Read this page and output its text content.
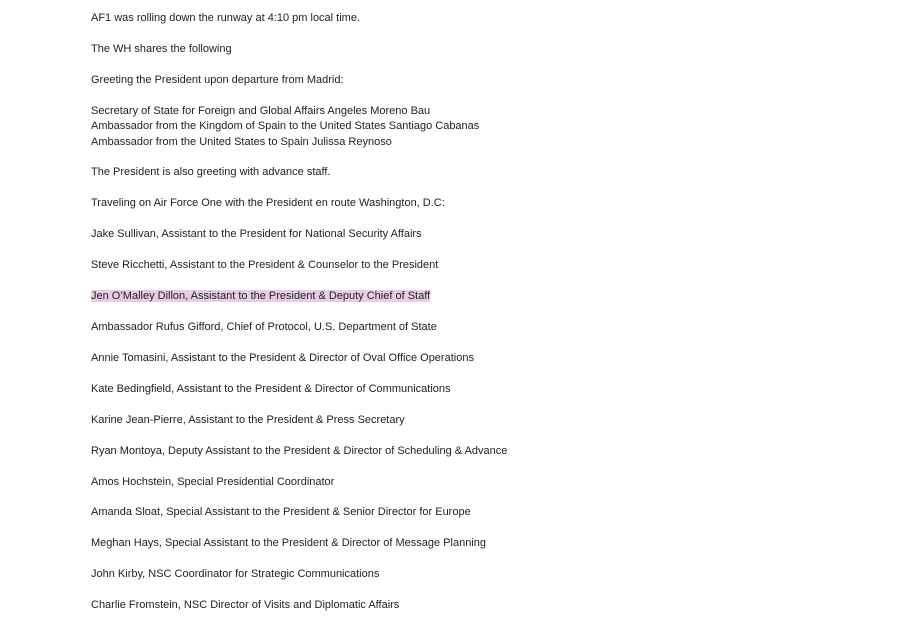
AF1 was rolling down the runway at 4:10 pm local time.

The WH shares the following

Greeting the President upon departure from Madrid:

Secretary of State for Foreign and Global Affairs Angeles Moreno Bau
Ambassador from the Kingdom of Spain to the United States Santiago Cabanas
Ambassador from the United States to Spain Julissa Reynoso

The President is also greeting with advance staff.

Traveling on Air Force One with the President en route Washington, D.C:

Jake Sullivan, Assistant to the President for National Security Affairs

Steve Ricchetti, Assistant to the President & Counselor to the President

Jen O’Malley Dillon, Assistant to the President & Deputy Chief of Staff

Ambassador Rufus Gifford, Chief of Protocol, U.S. Department of State

Annie Tomasini, Assistant to the President & Director of Oval Office Operations

Kate Bedingfield, Assistant to the President & Director of Communications

Karine Jean-Pierre, Assistant to the President & Press Secretary

Ryan Montoya, Deputy Assistant to the President & Director of Scheduling & Advance

Amos Hochstein, Special Presidential Coordinator

Amanda Sloat, Special Assistant to the President & Senior Director for Europe

Meghan Hays, Special Assistant to the President & Director of Message Planning

John Kirby, NSC Coordinator for Strategic Communications

Charlie Fromstein, NSC Director of Visits and Diplomatic Affairs
